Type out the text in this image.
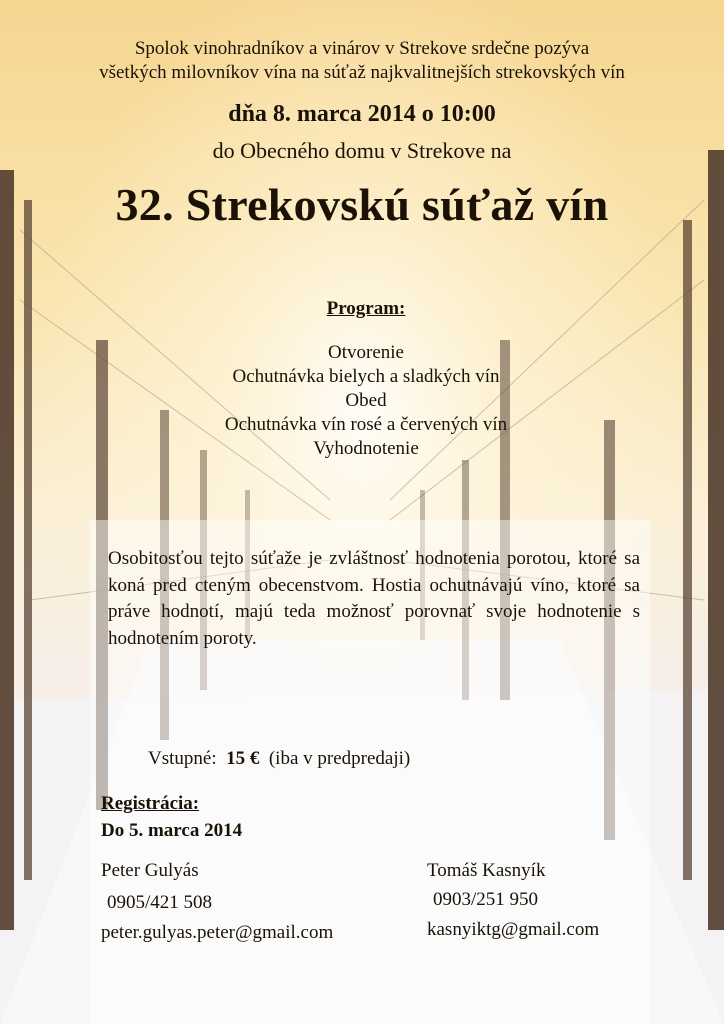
Spolok vinohradníkov a vinárov v Strekove srdečne pozýva
všetkých milovníkov vína na súťaž najkvalitnejších strekovských vín
dňa 8. marca 2014 o 10:00
do Obecného domu v Strekove na
32. Strekovskú súťaž vín
Program:
Otvorenie
Ochutnávka bielych a sladkých vín
Obed
Ochutnávka vín rosé a červených vín
Vyhodnotenie
Osobitosťou tejto súťaže je zvláštnosť hodnotenia porotou, ktoré sa koná pred cteným obecenstvom. Hostia ochutnávajú víno, ktoré sa práve hodnotí, majú teda možnosť porovnať svoje hodnotenie s hodnotením poroty.
Vstupné: 15 € (iba v predpredaji)
Registrácia:
Do 5. marca 2014
Peter Gulyás
0905/421 508
peter.gulyas.peter@gmail.com
Tomáš Kasnyík
0903/251 950
kasnyiktg@gmail.com
